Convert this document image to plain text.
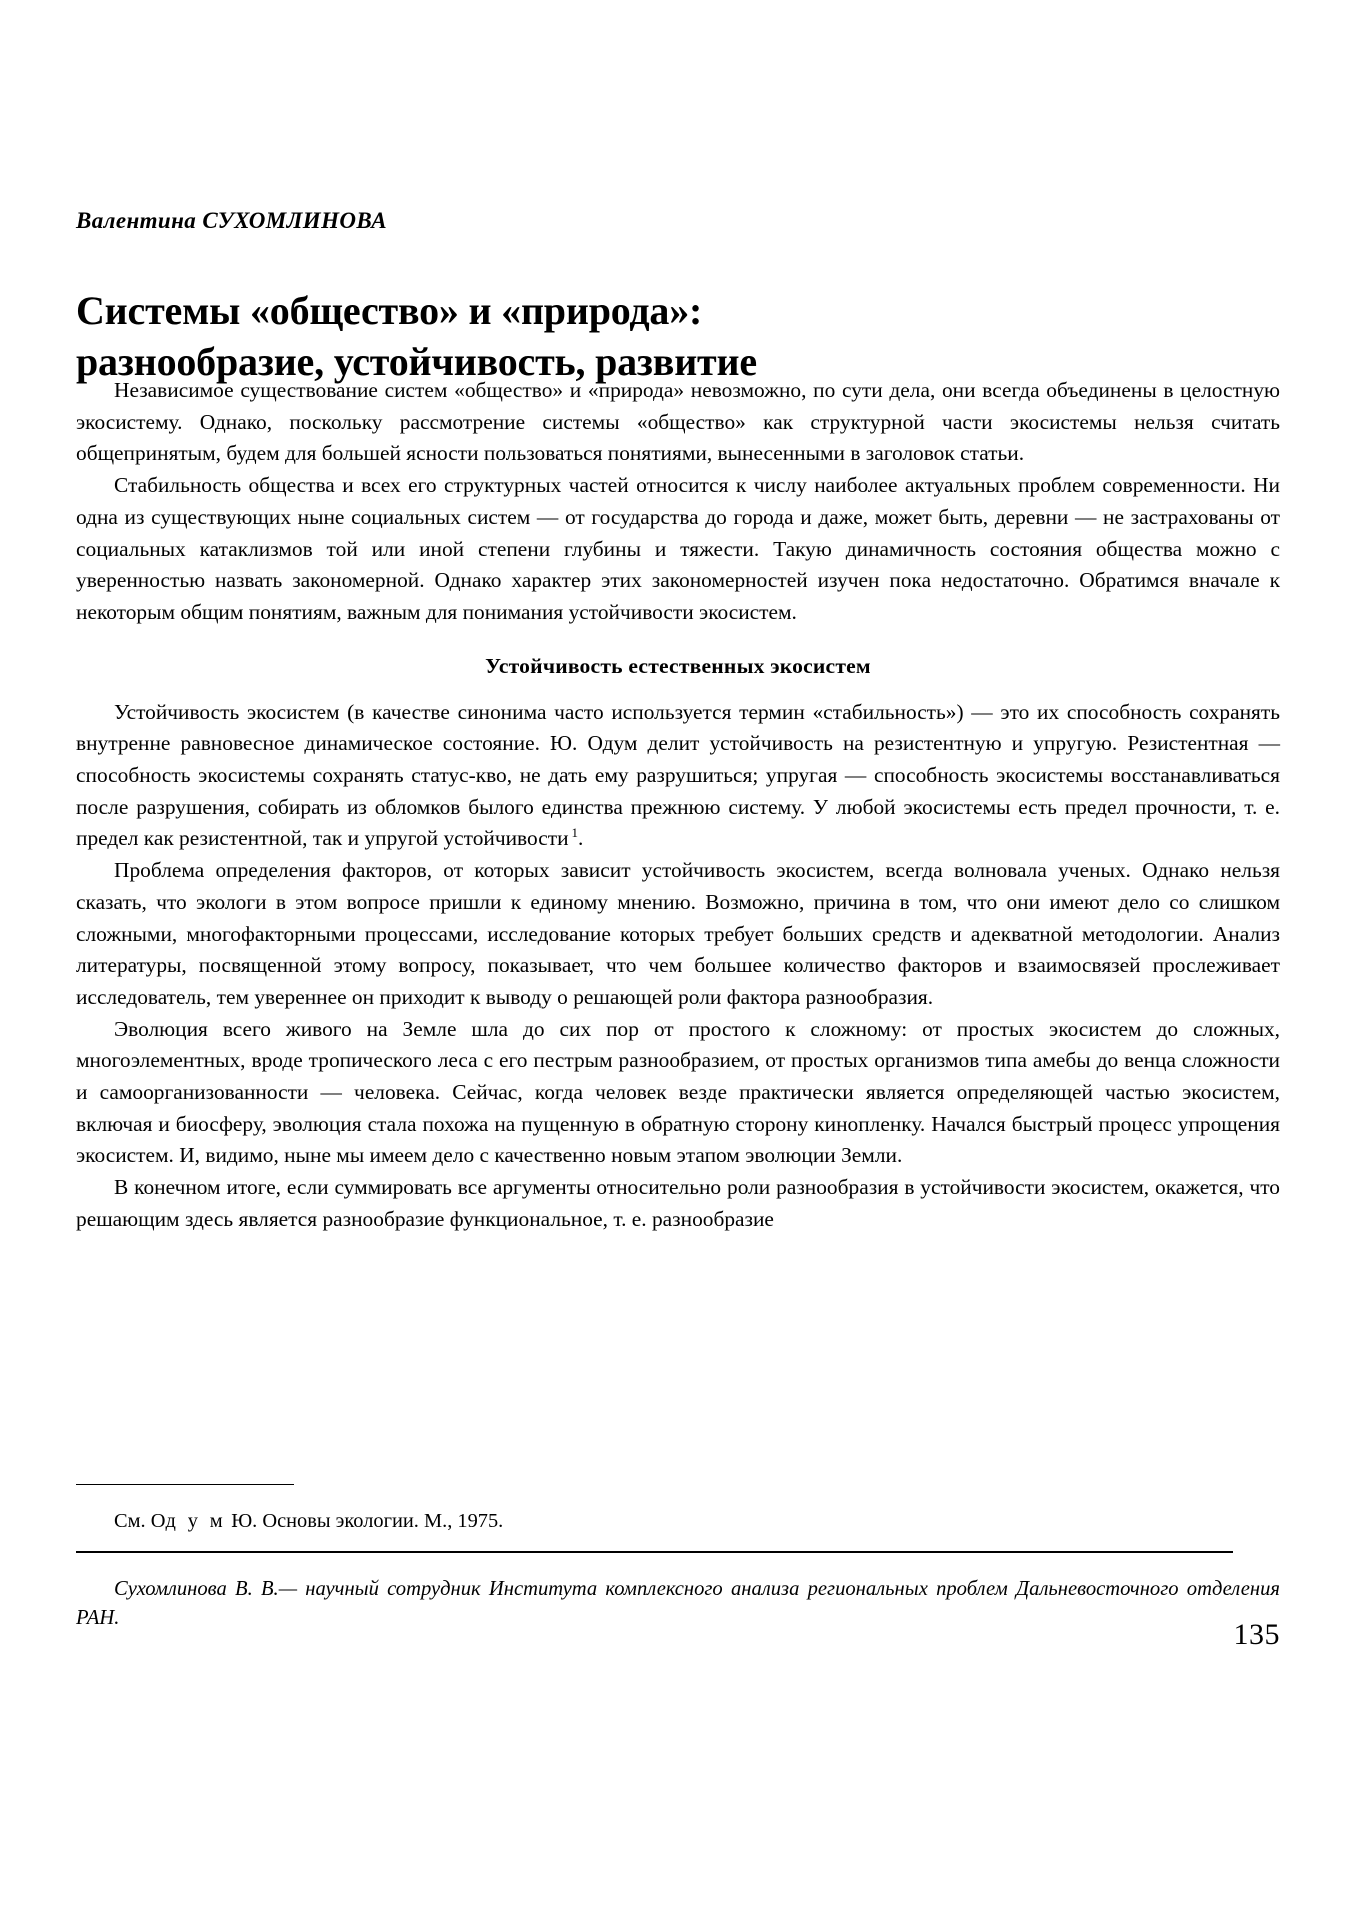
Валентина СУХОМЛИНОВА
Системы «общество» и «природа»:
разнообразие, устойчивость, развитие

Независимое существование систем «общество» и «природа» невозможно, по сути дела, они всегда объединены в целостную экосистему. Однако, поскольку рассмотрение системы «общество» как структурной части экосистемы нельзя считать общепринятым, будем для большей ясности пользоваться понятиями, вынесенными в заголовок статьи.

Стабильность общества и всех его структурных частей относится к числу наиболее актуальных проблем современности. Ни одна из существующих ныне социальных систем — от государства до города и даже, может быть, деревни — не застрахованы от социальных катаклизмов той или иной степени глубины и тяжести. Такую динамичность состояния общества можно с уверенностью назвать закономерной. Однако характер этих закономерностей изучен пока недостаточно. Обратимся вначале к некоторым общим понятиям, важным для понимания устойчивости экосистем.

Устойчивость естественных экосистем

Устойчивость экосистем (в качестве синонима часто используется термин «стабильность») — это их способность сохранять внутренне равновесное динамическое состояние. Ю. Одум делит устойчивость на резистентную и упругую. Резистентная — способность экосистемы сохранять статус-кво, не дать ему разрушиться; упругая — способность экосистемы восстанавливаться после разрушения, собирать из обломков былого единства прежнюю систему. У любой экосистемы есть предел прочности, т. е. предел как резистентной, так и упругой устойчивости $^1$.

Проблема определения факторов, от которых зависит устойчивость экосистем, всегда волновала ученых. Однако нельзя сказать, что экологи в этом вопросе пришли к единому мнению. Возможно, причина в том, что они имеют дело со слишком сложными, многофакторными процессами, исследование которых требует больших средств и адекватной методологии. Анализ литературы, посвященной этому вопросу, показывает, что чем большее количество факторов и взаимосвязей прослеживает исследователь, тем увереннее он приходит к выводу о решающей роли фактора разнообразия.

Эволюция всего живого на Земле шла до сих пор от простого к сложному: от простых экосистем до сложных, многоэлементных, вроде тропического леса с его пестрым разнообразием, от простых организмов типа амебы до венца сложности и самоорганизованности — человека. Сейчас, когда человек везде практически является определяющей частью экосистем, включая и биосферу, эволюция стала похожа на пущенную в обратную сторону кинопленку. Начался быстрый процесс упрощения экосистем. И, видимо, ныне мы имеем дело с качественно новым этапом эволюции Земли.

В конечном итоге, если суммировать все аргументы относительно роли разнообразия в устойчивости экосистем, окажется, что решающим здесь является разнообразие функциональное, т. е. разнообразие

См. Од у м Ю. Основы экологии. М., 1975.

Сухомлинова В. В.— научный сотрудник Института комплексного анализа региональных проблем Дальневосточного отделения РАН.	135
